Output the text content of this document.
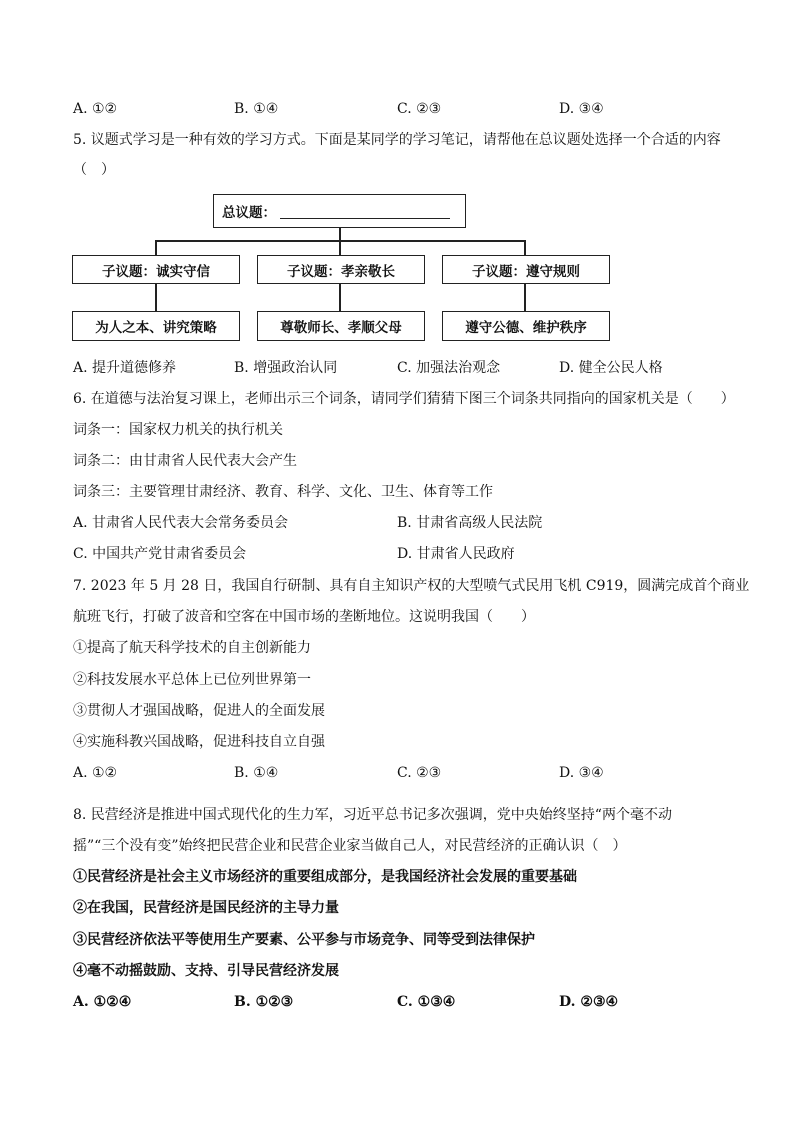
A. ①②	B. ①④	C. ②③	D. ③④
5. 议题式学习是一种有效的学习方式。下面是某同学的学习笔记，请帮他在总议题处选择一个合适的内容
（　）
总议题：
子议题：诚实守信	子议题：孝亲敬长	子议题：遵守规则
为人之本、讲究策略	尊敬师长、孝顺父母	遵守公德、维护秩序
A. 提升道德修养	B. 增强政治认同	C. 加强法治观念	D. 健全公民人格
6. 在道德与法治复习课上，老师出示三个词条，请同学们猜猜下图三个词条共同指向的国家机关是（　　）
词条一：国家权力机关的执行机关
词条二：由甘肃省人民代表大会产生
词条三：主要管理甘肃经济、教育、科学、文化、卫生、体育等工作
A. 甘肃省人民代表大会常务委员会	B. 甘肃省高级人民法院
C. 中国共产党甘肃省委员会	D. 甘肃省人民政府
7. 2023 年 5 月 28 日，我国自行研制、具有自主知识产权的大型喷气式民用飞机 C919，圆满完成首个商业
航班飞行，打破了波音和空客在中国市场的垄断地位。这说明我国（　　）
①提高了航天科学技术的自主创新能力
②科技发展水平总体上已位列世界第一
③贯彻人才强国战略，促进人的全面发展
④实施科教兴国战略，促进科技自立自强
A. ①②	B. ①④	C. ②③	D. ③④
8. 民营经济是推进中国式现代化的生力军，习近平总书记多次强调，党中央始终坚持“两个毫不动
摇”“三个没有变”始终把民营企业和民营企业家当做自己人，对民营经济的正确认识（　）
①民营经济是社会主义市场经济的重要组成部分，是我国经济社会发展的重要基础
②在我国，民营经济是国民经济的主导力量
③民营经济依法平等使用生产要素、公平参与市场竞争、同等受到法律保护
④毫不动摇鼓励、支持、引导民营经济发展
A. ①②④	B. ①②③	C. ①③④	D. ②③④
